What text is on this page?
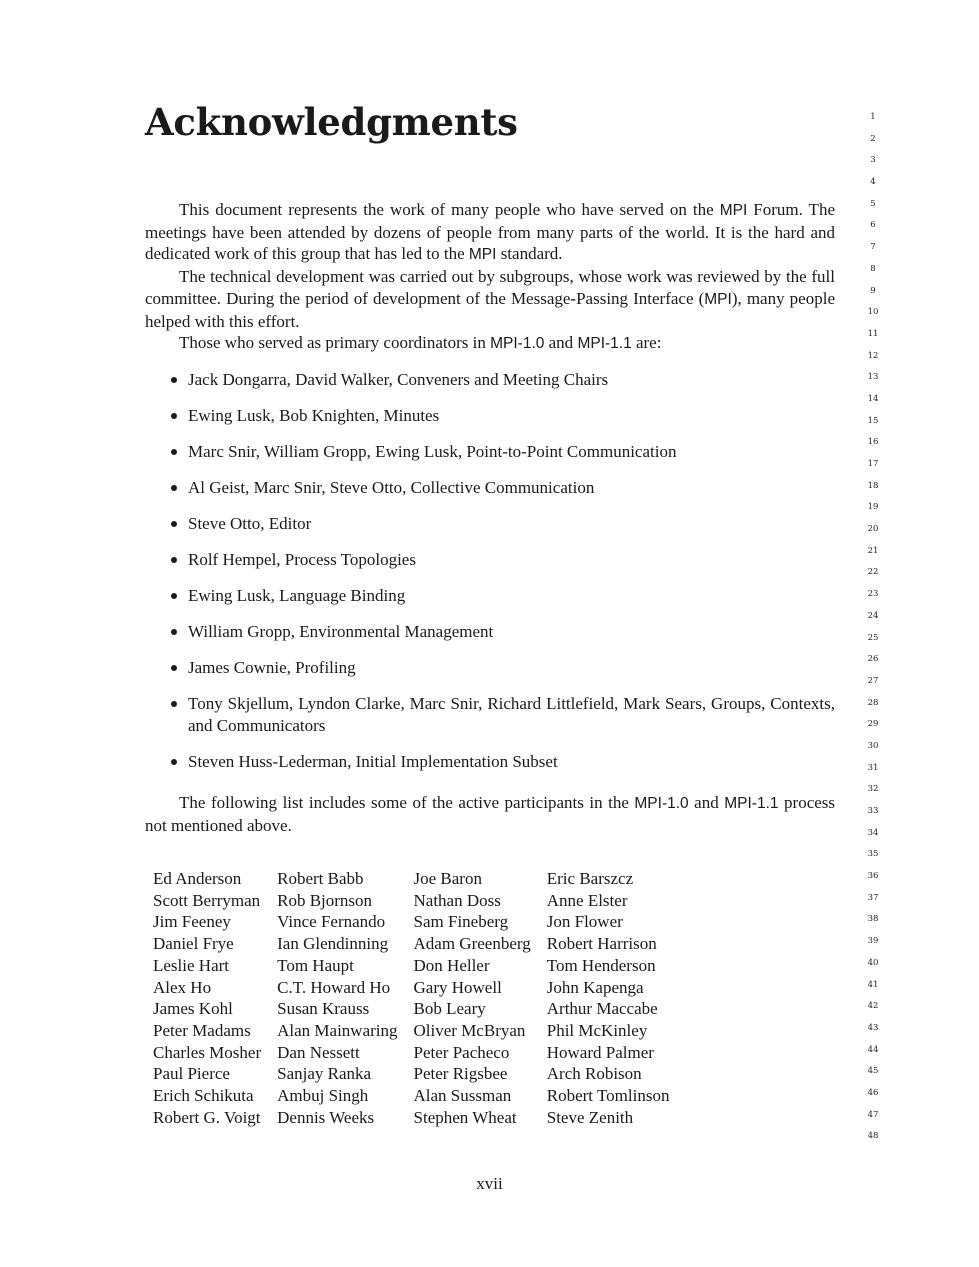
Acknowledgments

This document represents the work of many people who have served on the MPI Forum. The meetings have been attended by dozens of people from many parts of the world. It is the hard and dedicated work of this group that has led to the MPI standard.

The technical development was carried out by subgroups, whose work was reviewed by the full committee. During the period of development of the Message-Passing Interface (MPI), many people helped with this effort.

Those who served as primary coordinators in MPI-1.0 and MPI-1.1 are:

Jack Dongarra, David Walker, Conveners and Meeting Chairs
Ewing Lusk, Bob Knighten, Minutes
Marc Snir, William Gropp, Ewing Lusk, Point-to-Point Communication
Al Geist, Marc Snir, Steve Otto, Collective Communication
Steve Otto, Editor
Rolf Hempel, Process Topologies
Ewing Lusk, Language Binding
William Gropp, Environmental Management
James Cownie, Profiling
Tony Skjellum, Lyndon Clarke, Marc Snir, Richard Littlefield, Mark Sears, Groups, Contexts, and Communicators
Steven Huss-Lederman, Initial Implementation Subset

The following list includes some of the active participants in the MPI-1.0 and MPI-1.1 process not mentioned above.

Ed Anderson	Robert Babb	Joe Baron	Eric Barszcz
Scott Berryman	Rob Bjornson	Nathan Doss	Anne Elster
Jim Feeney	Vince Fernando	Sam Fineberg	Jon Flower
Daniel Frye	Ian Glendinning	Adam Greenberg	Robert Harrison
Leslie Hart	Tom Haupt	Don Heller	Tom Henderson
Alex Ho	C.T. Howard Ho	Gary Howell	John Kapenga
James Kohl	Susan Krauss	Bob Leary	Arthur Maccabe
Peter Madams	Alan Mainwaring	Oliver McBryan	Phil McKinley
Charles Mosher	Dan Nessett	Peter Pacheco	Howard Palmer
Paul Pierce	Sanjay Ranka	Peter Rigsbee	Arch Robison
Erich Schikuta	Ambuj Singh	Alan Sussman	Robert Tomlinson
Robert G. Voigt	Dennis Weeks	Stephen Wheat	Steve Zenith
1
2
3
4
5
6
7
8
9
10
11
12
13
14
15
16
17
18
19
20
21
22
23
24
25
26
27
28
29
30
31
32
33
34
35
36
37
38
39
40
41
42
43
44
45
46
47
48
xvii
